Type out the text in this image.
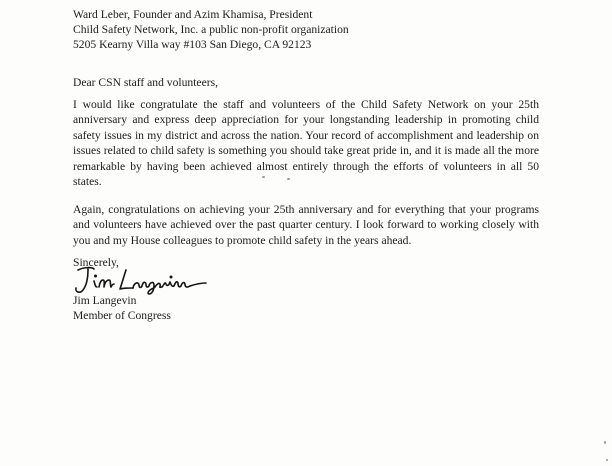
Ward Leber, Founder and Azim Khamisa, President
Child Safety Network, Inc. a public non-profit organization
5205 Kearny Villa way #103 San Diego, CA 92123
Dear CSN staff and volunteers,

I would like congratulate the staff and volunteers of the Child Safety Network on your 25th anniversary and express deep appreciation for your longstanding leadership in promoting child safety issues in my district and across the nation. Your record of accomplishment and leadership on issues related to child safety is something you should take great pride in, and it is made all the more remarkable by having been achieved almost entirely through the efforts of volunteers in all 50 states.

Again, congratulations on achieving your 25th anniversary and for everything that your programs and volunteers have achieved over the past quarter century. I look forward to working closely with you and my House colleagues to promote child safety in the years ahead.

Sincerely,
Jim Langevin
Member of Congress
